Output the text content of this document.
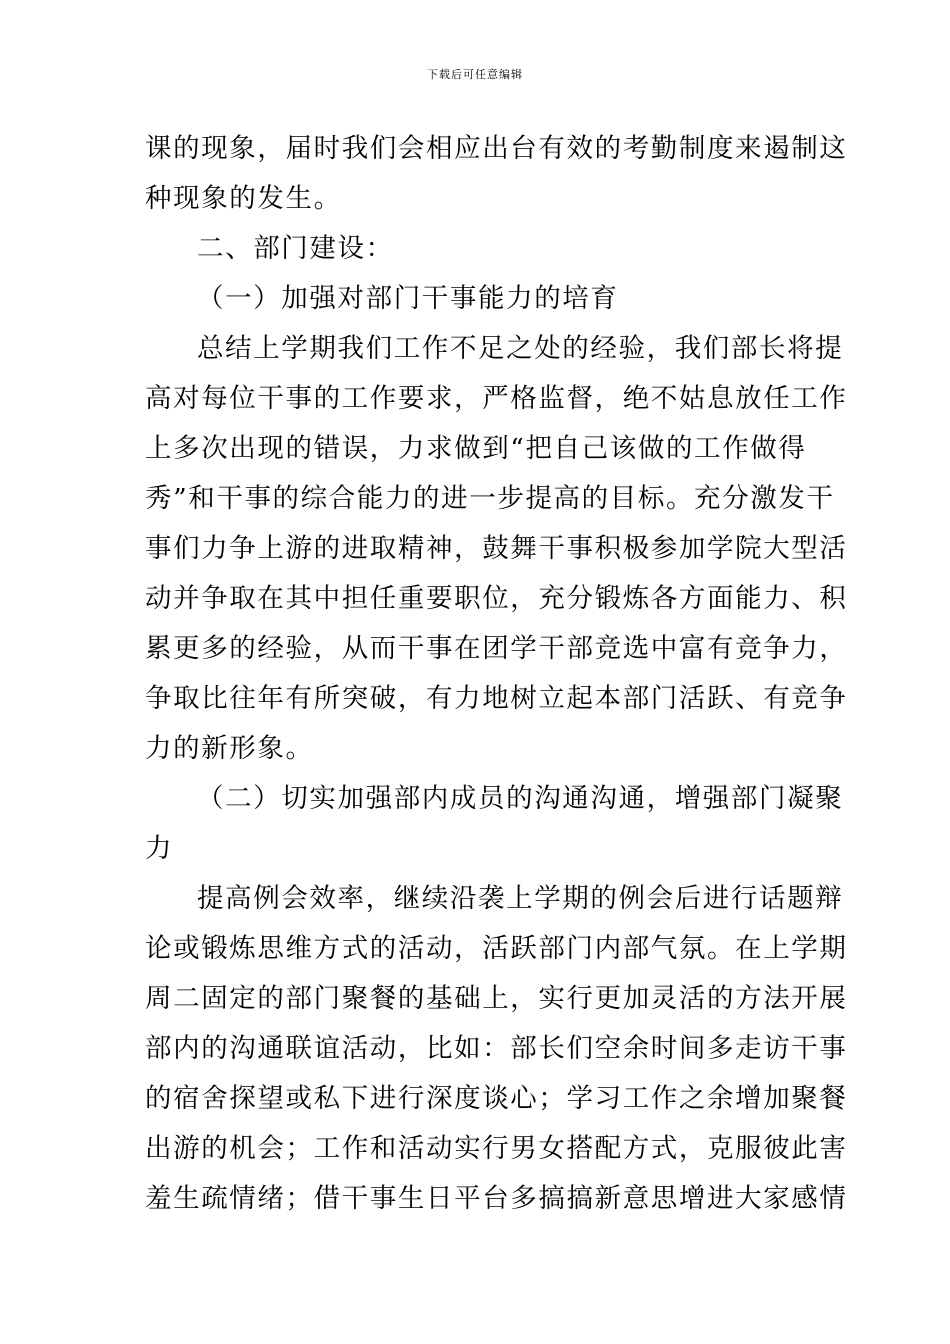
下载后可任意编辑
课的现象，届时我们会相应出台有效的考勤制度来遏制这
种现象的发生。
二、部门建设：
（一）加强对部门干事能力的培育
总结上学期我们工作不足之处的经验，我们部长将提
高对每位干事的工作要求，严格监督，绝不姑息放任工作
上多次出现的错误，力求做到“把自己该做的工作做得
秀”和干事的综合能力的进一步提高的目标。充分激发干
事们力争上游的进取精神，鼓舞干事积极参加学院大型活
动并争取在其中担任重要职位，充分锻炼各方面能力、积
累更多的经验，从而干事在团学干部竞选中富有竞争力，
争取比往年有所突破，有力地树立起本部门活跃、有竞争
力的新形象。
（二）切实加强部内成员的沟通沟通，增强部门凝聚
力
提高例会效率，继续沿袭上学期的例会后进行话题辩
论或锻炼思维方式的活动，活跃部门内部气氛。在上学期
周二固定的部门聚餐的基础上，实行更加灵活的方法开展
部内的沟通联谊活动，比如：部长们空余时间多走访干事
的宿舍探望或私下进行深度谈心；学习工作之余增加聚餐
出游的机会；工作和活动实行男女搭配方式，克服彼此害
羞生疏情绪；借干事生日平台多搞搞新意思增进大家感情
